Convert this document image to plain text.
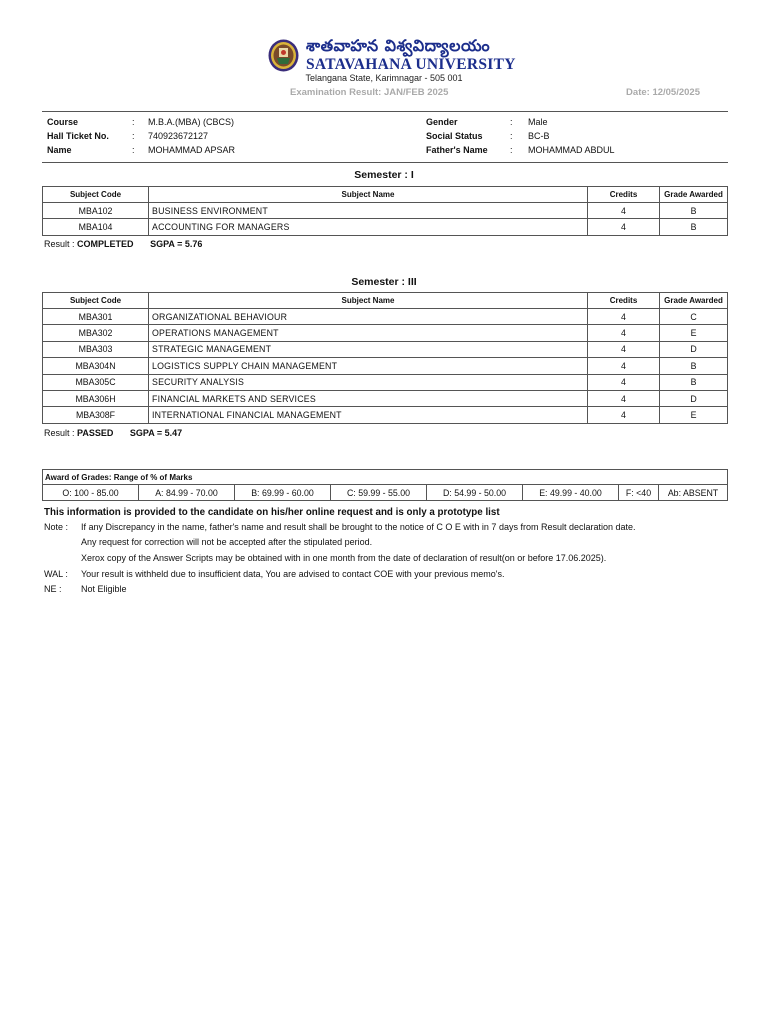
శాతవాహన విశ్వవిద్యాలయం
SATAVAHANA UNIVERSITY
Telangana State, Karimnagar - 505 001
Examination Result: JAN/FEB 2025	Date: 12/05/2025
Course	: M.B.A.(MBA) (CBCS)	Gender	: Male
Hall Ticket No.	: 740923672127	Social Status	: BC-B
Name	: MOHAMMAD APSAR	Father's Name : MOHAMMAD ABDUL
Semester : I
Subject Code	Subject Name	Credits	Grade Awarded
MBA102	BUSINESS ENVIRONMENT	4	B
MBA104	ACCOUNTING FOR MANAGERS	4	B
Result : COMPLETED SGPA = 5.76
Semester : III
Subject Code	Subject Name	Credits	Grade Awarded
MBA301	ORGANIZATIONAL BEHAVIOUR	4	C
MBA302	OPERATIONS MANAGEMENT	4	E
MBA303	STRATEGIC MANAGEMENT	4	D
MBA304N	LOGISTICS SUPPLY CHAIN MANAGEMENT	4	B
MBA305C	SECURITY ANALYSIS	4	B
MBA306H	FINANCIAL MARKETS AND SERVICES	4	D
MBA308F	INTERNATIONAL FINANCIAL MANAGEMENT	4	E
Result : PASSED SGPA = 5.47
Award of Grades: Range of % of Marks
O: 100 - 85.00	A: 84.99 - 70.00	B: 69.99 - 60.00	C: 59.99 - 55.00	D: 54.99 - 50.00	E: 49.99 - 40.00	F: <40	Ab: ABSENT
This information is provided to the candidate on his/her online request and is only a prototype list
Note : If any Discrepancy in the name, father's name and result shall be brought to the notice of C O E with in 7 days from Result declaration date.
Any request for correction will not be accepted after the stipulated period.
Xerox copy of the Answer Scripts may be obtained with in one month from the date of declaration of result(on or before 17.06.2025).
WAL : Your result is withheld due to insufficient data, You are advised to contact COE with your previous memo's.
NE : Not Eligible
